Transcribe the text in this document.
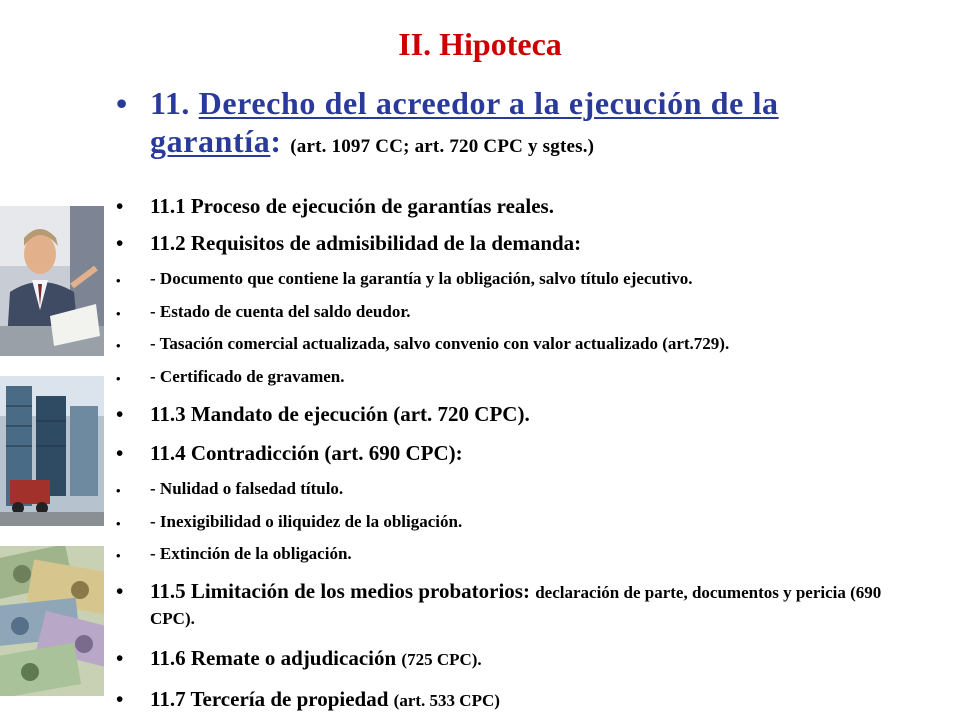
II. Hipoteca
• 11. Derecho del acreedor a la ejecución de la garantía: (art. 1097 CC; art. 720 CPC y sgtes.)
• 11.1 Proceso de ejecución de garantías reales.
• 11.2 Requisitos de admisibilidad de la demanda:
• - Documento que contiene la garantía y la obligación, salvo título ejecutivo.
• - Estado de cuenta del saldo deudor.
• - Tasación comercial actualizada, salvo convenio con valor actualizado (art.729).
• - Certificado de gravamen.
• 11.3 Mandato de ejecución (art. 720 CPC).
• 11.4 Contradicción (art. 690 CPC):
• - Nulidad o falsedad título.
• - Inexigibilidad o iliquidez de la obligación.
• - Extinción de la obligación.
• 11.5 Limitación de los medios probatorios: declaración de parte, documentos y pericia (690 CPC).
• 11.6 Remate o adjudicación (725 CPC).
• 11.7 Tercería de propiedad (art. 533 CPC)
